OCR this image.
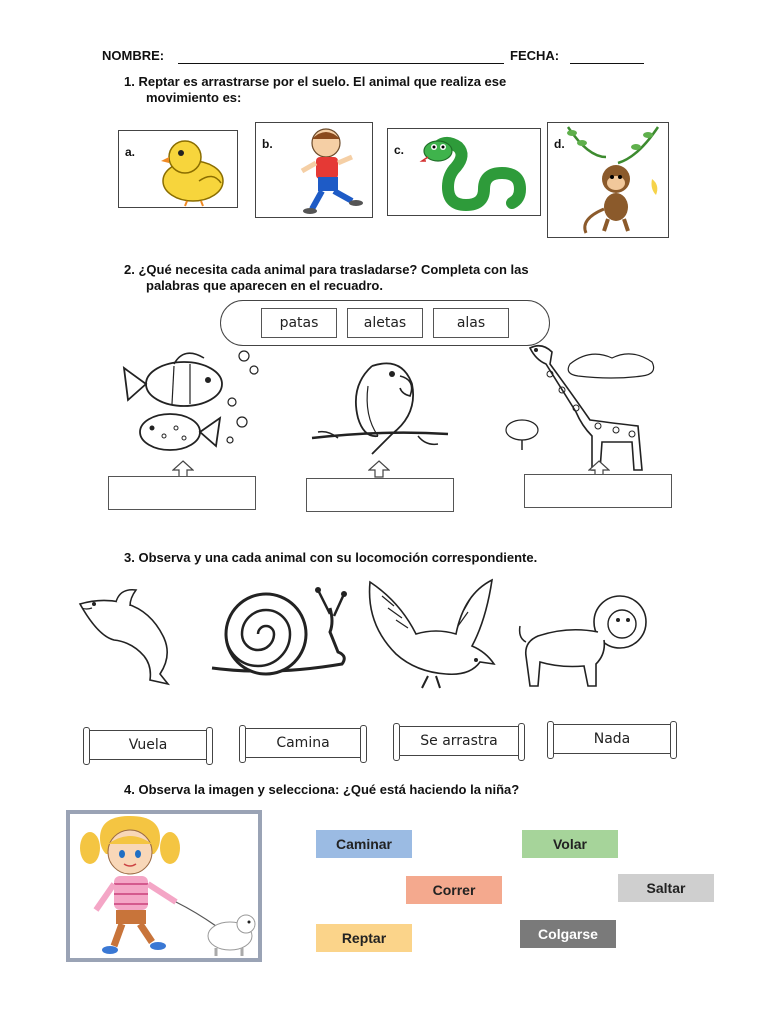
NOMBRE:	FECHA:
1. Reptar es arrastrarse por el suelo. El animal que realiza ese
movimiento es:
a.
b.	c.	d.
2. ¿Qué necesita cada animal para trasladarse? Completa con las
palabras que aparecen en el recuadro.
patas	aletas	alas
3. Observa y una cada animal con su locomoción correspondiente.
Vuela	Camina	Se arrastra	Nada
4. Observa la imagen y selecciona: ¿Qué está haciendo la niña?
Caminar	Volar
Correr	Saltar
Reptar	Colgarse
